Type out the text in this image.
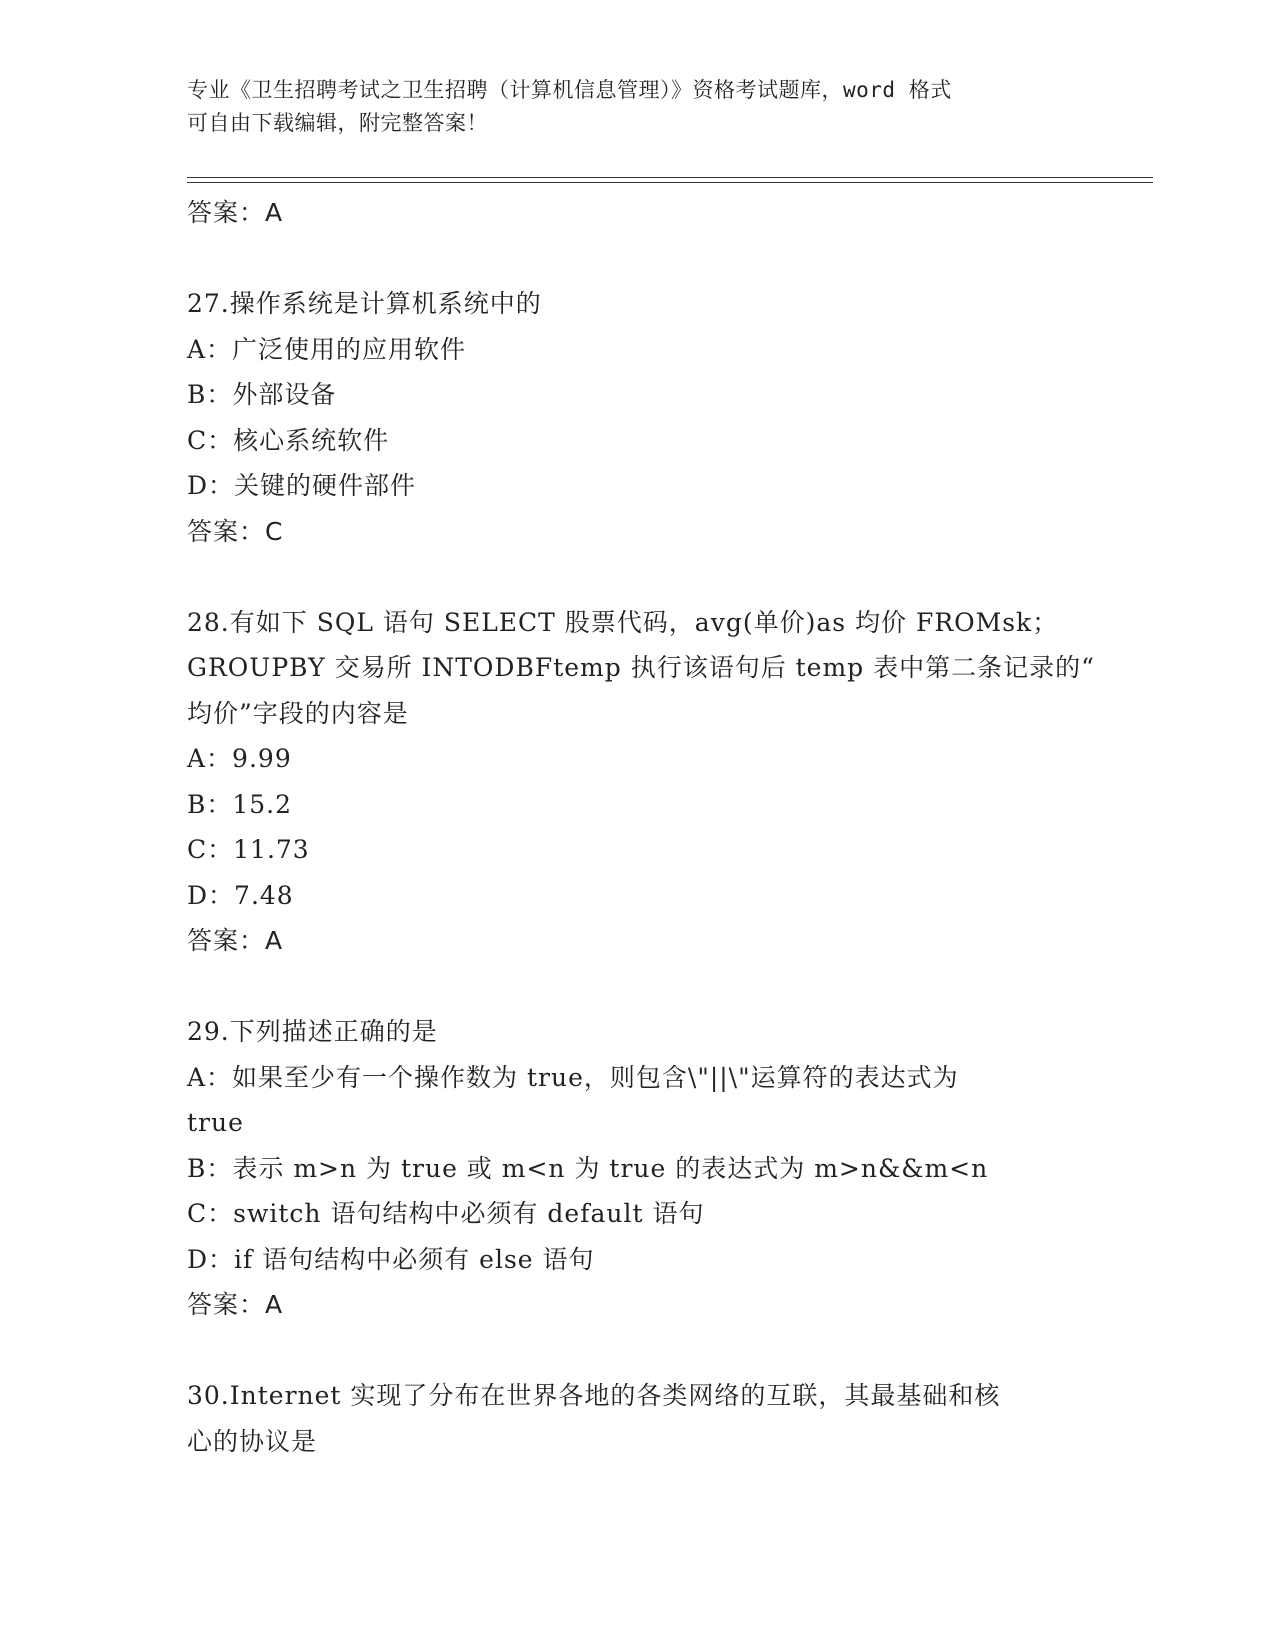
专业《卫生招聘考试之卫生招聘（计算机信息管理）》资格考试题库，word 格式
可自由下载编辑，附完整答案！
答案：A
27.操作系统是计算机系统中的
A：广泛使用的应用软件
B：外部设备
C：核心系统软件
D：关键的硬件部件
答案：C
28.有如下 SQL 语句 SELECT 股票代码，avg(单价)as 均价 FROMsk；
GROUPBY 交易所 INTODBFtemp 执行该语句后 temp 表中第二条记录的“
均价”字段的内容是
A：9.99
B：15.2
C：11.73
D：7.48
答案：A
29.下列描述正确的是
A：如果至少有一个操作数为 true，则包含\"||\"运算符的表达式为
true
B：表示 m>n 为 true 或 m<n 为 true 的表达式为 m>n&&m<n
C：switch 语句结构中必须有 default 语句
D：if 语句结构中必须有 else 语句
答案：A
30.Internet 实现了分布在世界各地的各类网络的互联，其最基础和核
心的协议是
